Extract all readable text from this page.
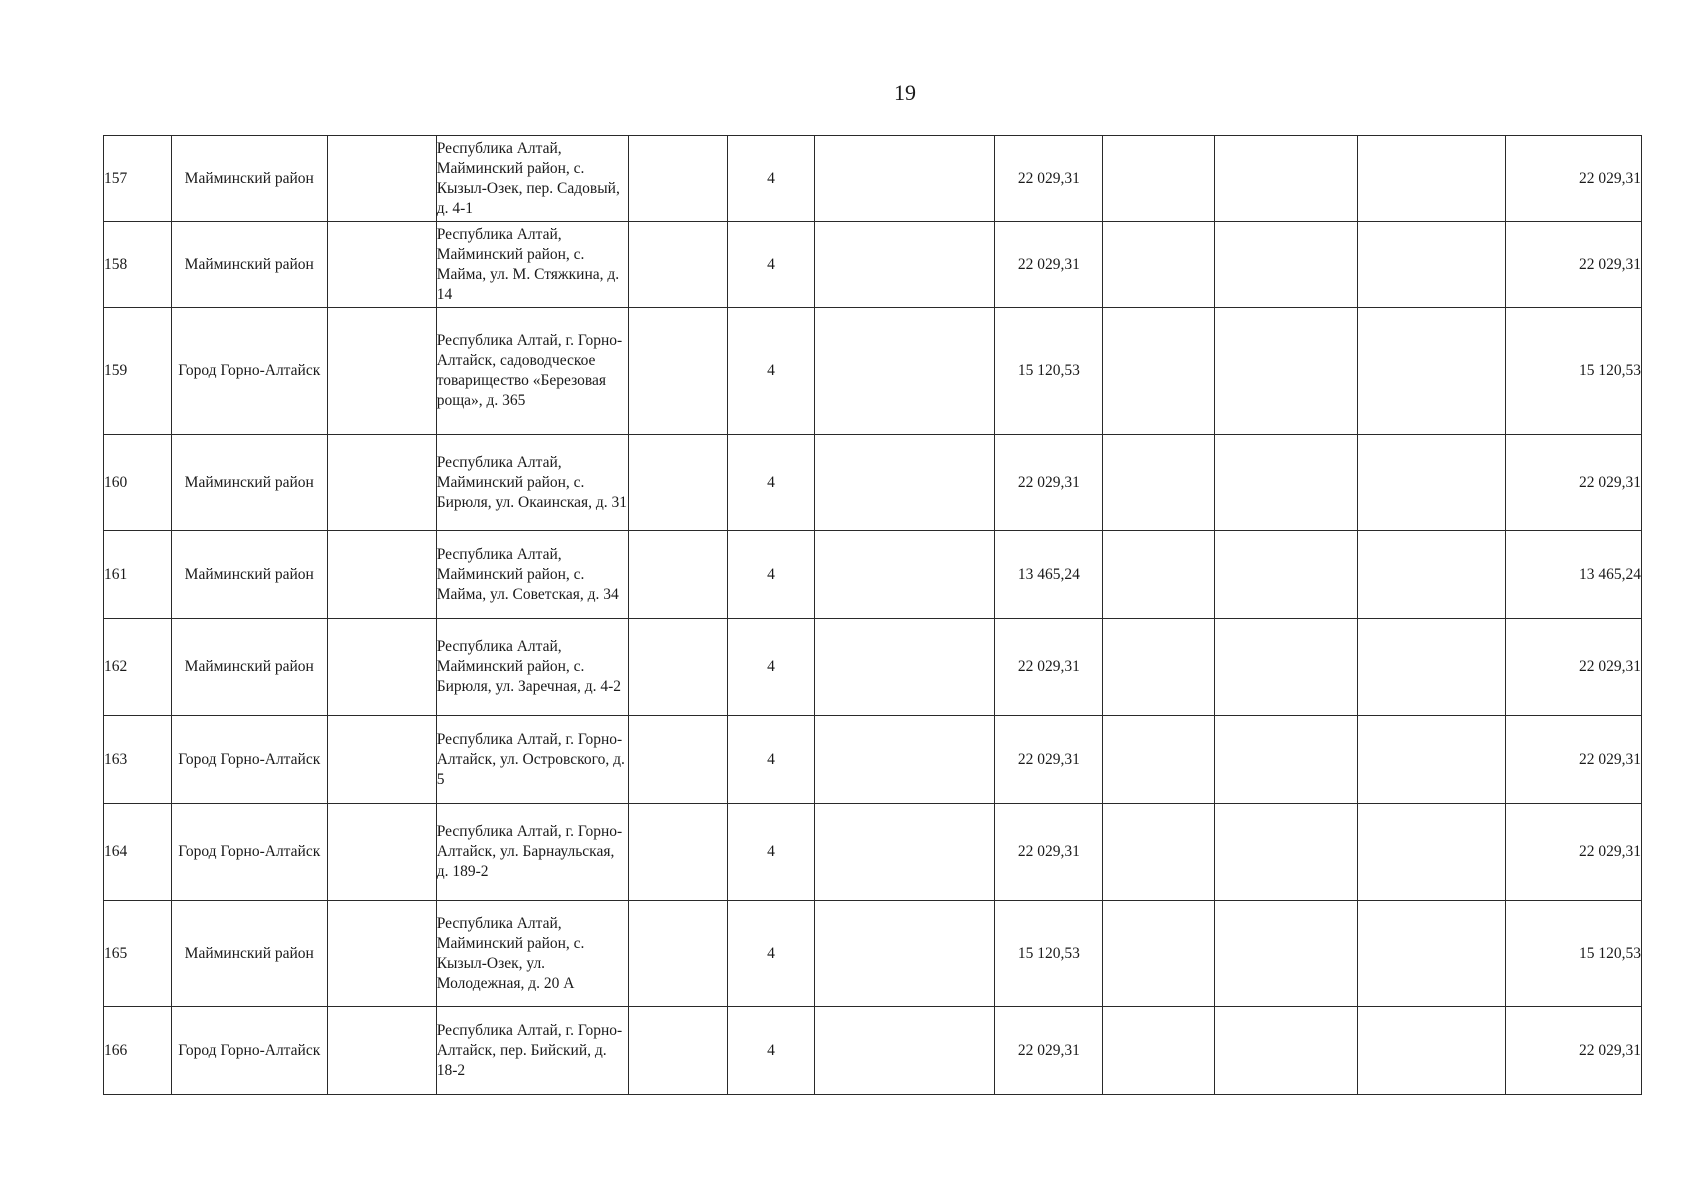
19
157	Майминский район		Республика Алтай, Майминский район, с. Кызыл-Озек, пер. Садовый, д. 4-1		4		22 029,31				22 029,31
158	Майминский район		Республика Алтай, Майминский район, с. Майма, ул. М. Стяжкина, д. 14		4		22 029,31				22 029,31
159	Город Горно-Алтайск		Республика Алтай, г. Горно-Алтайск, садоводческое товарищество «Березовая роща», д. 365		4		15 120,53				15 120,53
160	Майминский район		Республика Алтай, Майминский район, с. Бирюля, ул. Окаинская, д. 31		4		22 029,31				22 029,31
161	Майминский район		Республика Алтай, Майминский район, с. Майма, ул. Советская, д. 34		4		13 465,24				13 465,24
162	Майминский район		Республика Алтай, Майминский район, с. Бирюля, ул. Заречная, д. 4-2		4		22 029,31				22 029,31
163	Город Горно-Алтайск		Республика Алтай, г. Горно-Алтайск, ул. Островского, д. 5		4		22 029,31				22 029,31
164	Город Горно-Алтайск		Республика Алтай, г. Горно-Алтайск, ул. Барнаульская, д. 189-2		4		22 029,31				22 029,31
165	Майминский район		Республика Алтай, Майминский район, с. Кызыл-Озек, ул. Молодежная, д. 20 А		4		15 120,53				15 120,53
166	Город Горно-Алтайск		Республика Алтай, г. Горно-Алтайск, пер. Бийский, д. 18-2		4		22 029,31				22 029,31
